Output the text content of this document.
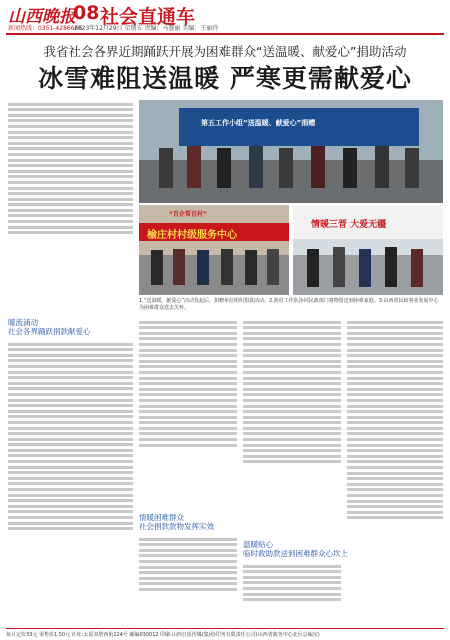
山西晚报
08 社会直通车
新闻热线：0351-4286666
2023年12月29日 星期五 责编：马慧丽 美编：王丽玲
我省社会各界近期踊跃开展为困难群众“送温暖、献爱心”捐助活动
冰雪难阻送温暖 严寒更需献爱心
第五工作小组“送温暖、献爱心”捐赠
“百企帮百村”
榆庄村村级服务中心
情暖三晋 大爱无疆
1.“送温暖、献爱心”活动发起后，捐赠单位组织捐款活动。2.焦村工作队协同民政部门将物资送到困难家庭。3.山西省民政事业发展中心为困难群众送去关怀。
暖流涌动
社会各界踊跃捐款献爱心
情暖困难群众
社会捐款款物发挥实效
温暖贴心
临时救助款送到困难群众心坎上
每月定价33元 零售价1.50元 社址:太原双塔西街124号 邮编030012 印刷:山西日报传媒(集团)印务有限责任公司(山西省政务中心北区总编室)
